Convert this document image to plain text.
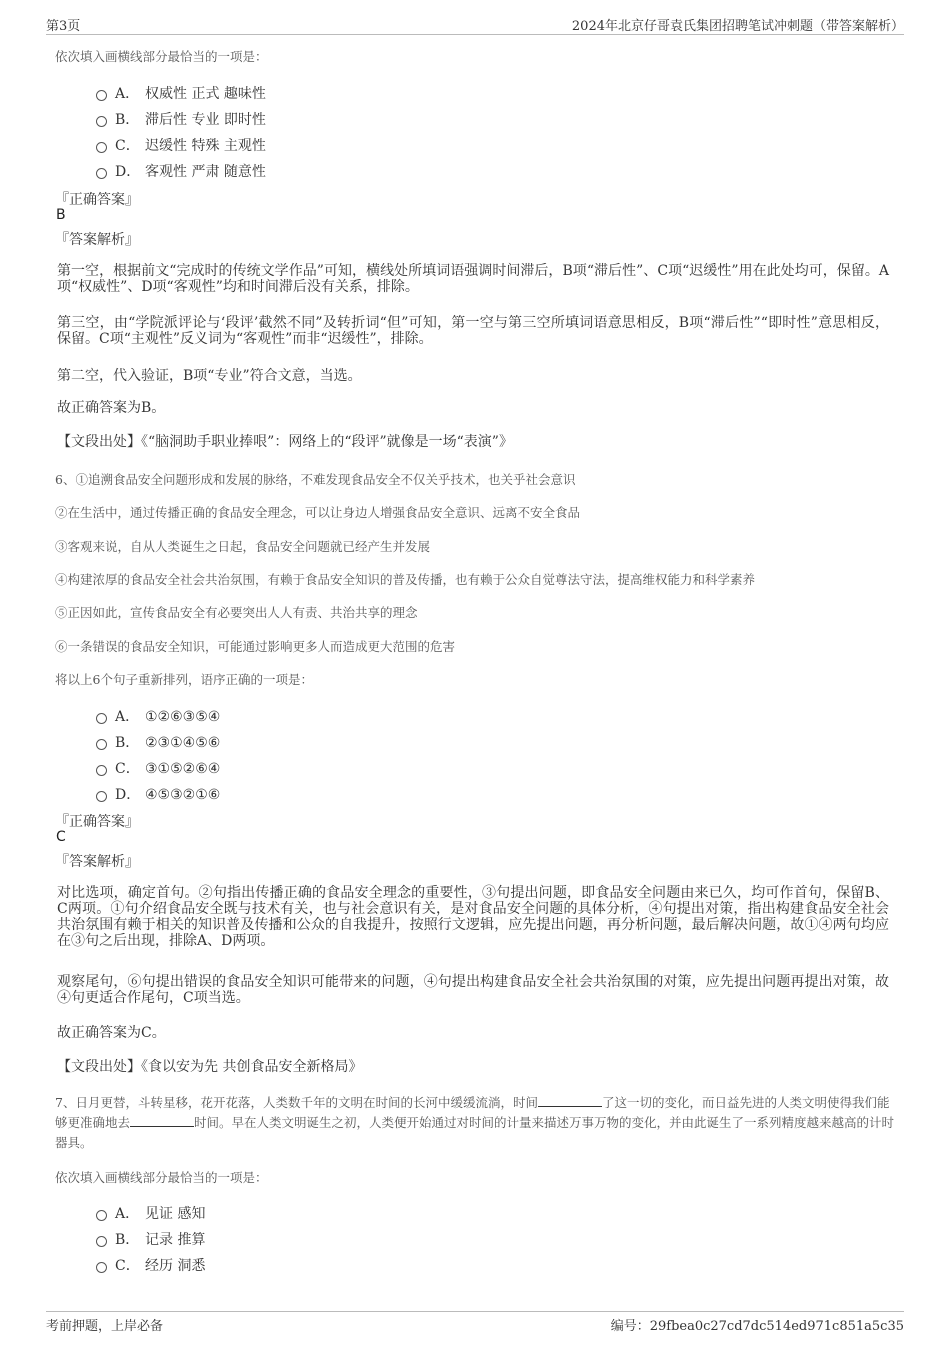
第3页	2024年北京仔哥袁氏集团招聘笔试冲刺题（带答案解析）
依次填入画横线部分最恰当的一项是：
A． 权威性 正式 趣味性
B． 滞后性 专业 即时性
C． 迟缓性 特殊 主观性
D． 客观性 严肃 随意性
『正确答案』
B
『答案解析』
第一空，根据前文“完成时的传统文学作品”可知，横线处所填词语强调时间滞后，B项“滞后性”、C项“迟缓性”用在此处均可，保留。A项“权威性”、D项“客观性”均和时间滞后没有关系，排除。
第三空，由“学院派评论与‘段评’截然不同”及转折词“但”可知，第一空与第三空所填词语意思相反，B项“滞后性”“即时性”意思相反，保留。C项“主观性”反义词为“客观性”而非“迟缓性”，排除。
第二空，代入验证，B项“专业”符合文意，当选。
故正确答案为B。
【文段出处】《“脑洞助手职业捧哏”：网络上的“段评”就像是一场“表演”》
6、①追溯食品安全问题形成和发展的脉络，不难发现食品安全不仅关乎技术，也关乎社会意识
②在生活中，通过传播正确的食品安全理念，可以让身边人增强食品安全意识、远离不安全食品
③客观来说，自从人类诞生之日起，食品安全问题就已经产生并发展
④构建浓厚的食品安全社会共治氛围，有赖于食品安全知识的普及传播，也有赖于公众自觉尊法守法，提高维权能力和科学素养
⑤正因如此，宣传食品安全有必要突出人人有责、共治共享的理念
⑥一条错误的食品安全知识，可能通过影响更多人而造成更大范围的危害
将以上6个句子重新排列，语序正确的一项是：
A． ①②⑥③⑤④
B． ②③①④⑤⑥
C． ③①⑤②⑥④
D． ④⑤③②①⑥
『正确答案』
C
『答案解析』
对比选项，确定首句。②句指出传播正确的食品安全理念的重要性，③句提出问题，即食品安全问题由来已久，均可作首句，保留B、C两项。①句介绍食品安全既与技术有关，也与社会意识有关，是对食品安全问题的具体分析，④句提出对策，指出构建食品安全社会共治氛围有赖于相关的知识普及传播和公众的自我提升，按照行文逻辑，应先提出问题，再分析问题，最后解决问题，故①④两句均应在③句之后出现，排除A、D两项。
观察尾句，⑥句提出错误的食品安全知识可能带来的问题，④句提出构建食品安全社会共治氛围的对策，应先提出问题再提出对策，故④句更适合作尾句，C项当选。
故正确答案为C。
【文段出处】《食以安为先 共创食品安全新格局》
7、日月更替，斗转星移，花开花落，人类数千年的文明在时间的长河中缓缓流淌，时间	了这一切的变化，而日益先进的人类文明使得我们能够更准确地去	时间。早在人类文明诞生之初，人类便开始通过对时间的计量来描述万事万物的变化，并由此诞生了一系列精度越来越高的计时器具。
依次填入画横线部分最恰当的一项是：
A． 见证 感知
B． 记录 推算
C． 经历 洞悉
考前押题，上岸必备	编号：29fbea0c27cd7dc514ed971c851a5c35
